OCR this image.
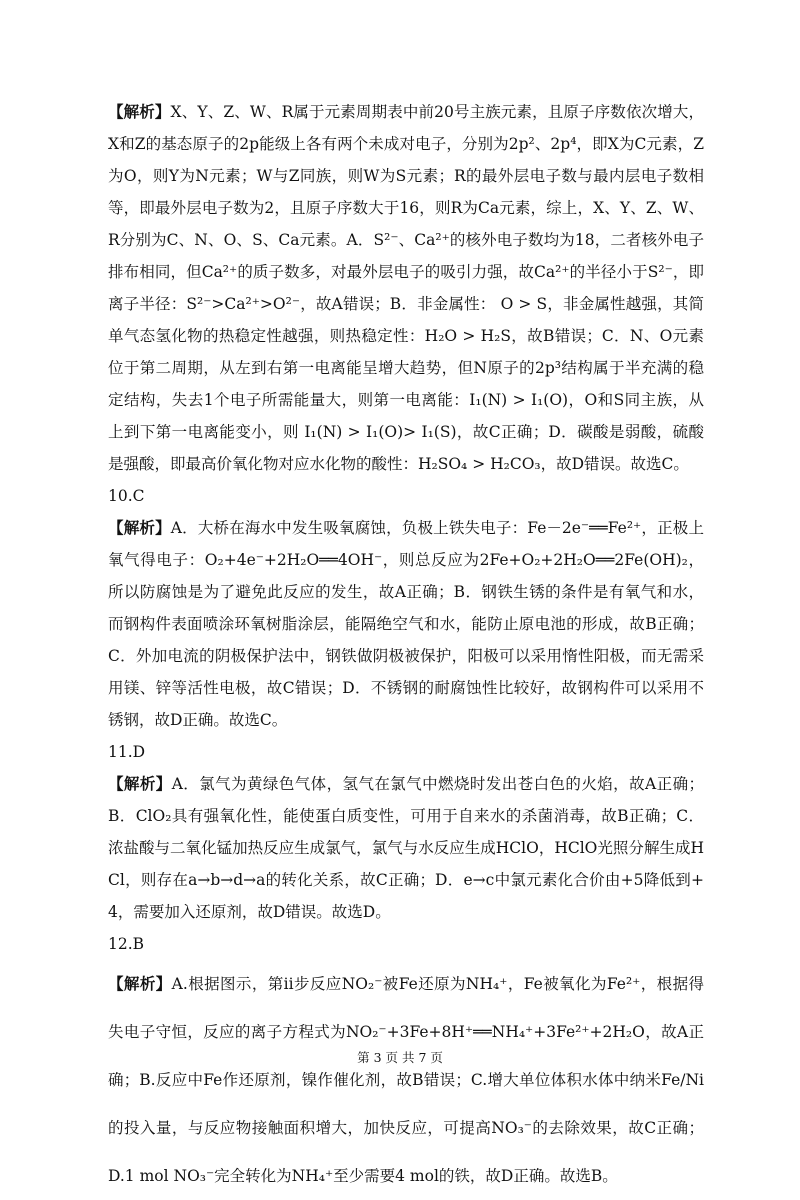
【解析】X、Y、Z、W、R属于元素周期表中前20号主族元素，且原子序数依次增大，X和Z的基态原子的2p能级上各有两个未成对电子，分别为2p²、2p⁴，即X为C元素，Z为O，则Y为N元素；W与Z同族，则W为S元素；R的最外层电子数与最内层电子数相等，即最外层电子数为2，且原子序数大于16，则R为Ca元素，综上，X、Y、Z、W、R分别为C、N、O、S、Ca元素。A．S²⁻、Ca²⁺的核外电子数均为18，二者核外电子排布相同，但Ca²⁺的质子数多，对最外层电子的吸引力强，故Ca²⁺的半径小于S²⁻，即离子半径：S²⁻>Ca²⁺>O²⁻，故A错误；B．非金属性： O > S，非金属性越强，其简单气态氢化物的热稳定性越强，则热稳定性：H₂O > H₂S，故B错误；C．N、O元素位于第二周期，从左到右第一电离能呈增大趋势，但N原子的2p³结构属于半充满的稳定结构，失去1个电子所需能量大，则第一电离能：I₁(N) > I₁(O)，O和S同主族，从上到下第一电离能变小，则 I₁(N) > I₁(O)> I₁(S)，故C正确；D．碳酸是弱酸，硫酸是强酸，即最高价氧化物对应水化物的酸性：H₂SO₄ > H₂CO₃，故D错误。故选C。

10.C

【解析】A．大桥在海水中发生吸氧腐蚀，负极上铁失电子：Fe－2e⁻══Fe²⁺，正极上氧气得电子：O₂+4e⁻+2H₂O══4OH⁻，则总反应为2Fe+O₂+2H₂O══2Fe(OH)₂，所以防腐蚀是为了避免此反应的发生，故A正确；B．钢铁生锈的条件是有氧气和水，而钢构件表面喷涂环氧树脂涂层，能隔绝空气和水，能防止原电池的形成，故B正确；C．外加电流的阴极保护法中，钢铁做阴极被保护，阳极可以采用惰性阳极，而无需采用镁、锌等活性电极，故C错误；D．不锈钢的耐腐蚀性比较好，故钢构件可以采用不锈钢，故D正确。故选C。

11.D

【解析】A．氯气为黄绿色气体，氢气在氯气中燃烧时发出苍白色的火焰，故A正确；B．ClO₂具有强氧化性，能使蛋白质变性，可用于自来水的杀菌消毒，故B正确；C．浓盐酸与二氧化锰加热反应生成氯气，氯气与水反应生成HClO，HClO光照分解生成HCl，则存在a→b→d→a的转化关系，故C正确；D．e→c中氯元素化合价由+5降低到+4，需要加入还原剂，故D错误。故选D。

12.B

【解析】A.根据图示，第ii步反应NO₂⁻被Fe还原为NH₄⁺，Fe被氧化为Fe²⁺，根据得失电子守恒，反应的离子方程式为NO₂⁻+3Fe+8H⁺══NH₄⁺+3Fe²⁺+2H₂O，故A正确；B.反应中Fe作还原剂，镍作催化剂，故B错误；C.增大单位体积水体中纳米Fe/Ni的投入量，与反应物接触面积增大，加快反应，可提高NO₃⁻的去除效果，故C正确；D.1 mol NO₃⁻完全转化为NH₄⁺至少需要4 mol的铁，故D正确。故选B。

第 3 页 共 7 页
